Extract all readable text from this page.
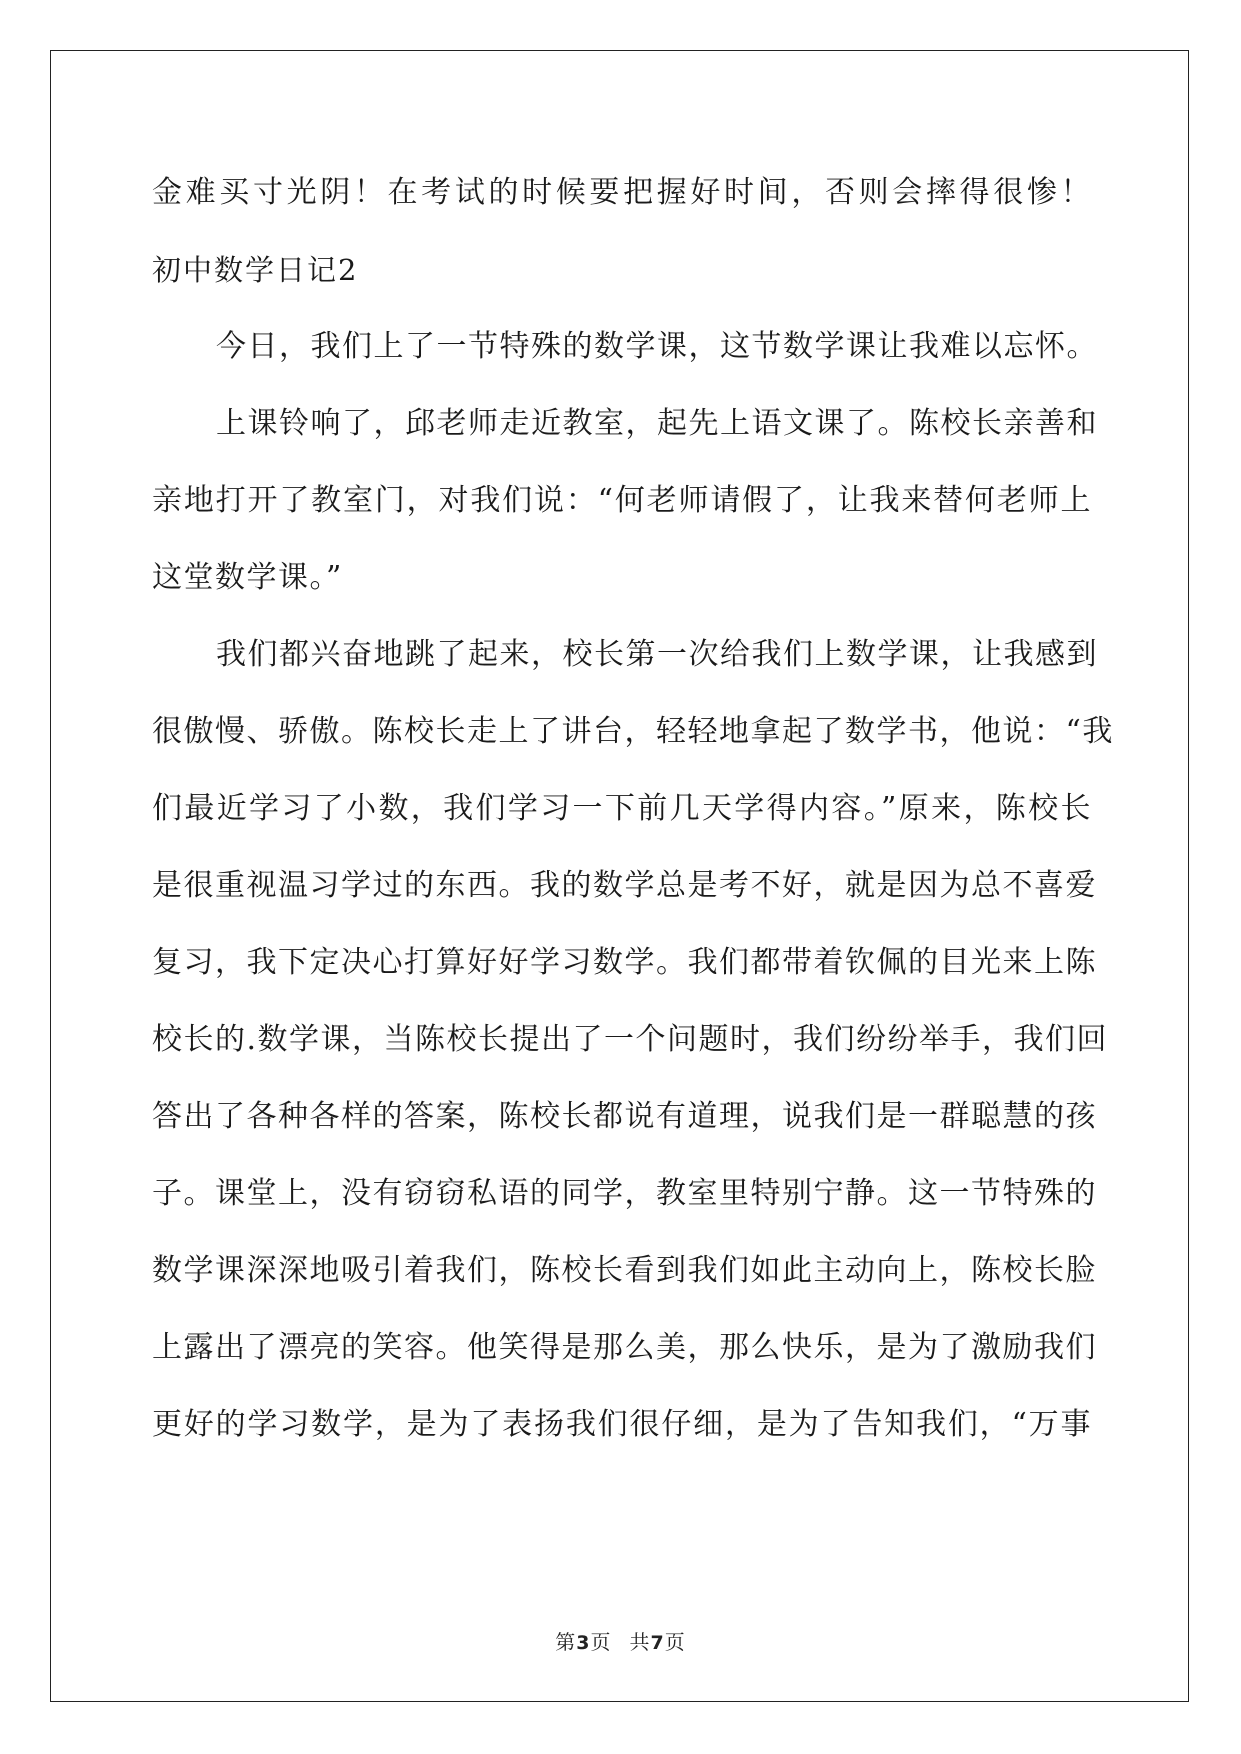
金难买寸光阴！在考试的时候要把握好时间，否则会摔得很惨！
初中数学日记2
今日，我们上了一节特殊的数学课，这节数学课让我难以忘怀。
上课铃响了，邱老师走近教室，起先上语文课了。陈校长亲善和
亲地打开了教室门，对我们说：“何老师请假了，让我来替何老师上
这堂数学课。”
我们都兴奋地跳了起来，校长第一次给我们上数学课，让我感到
很傲慢、骄傲。陈校长走上了讲台，轻轻地拿起了数学书，他说：“我
们最近学习了小数，我们学习一下前几天学得内容。”原来，陈校长
是很重视温习学过的东西。我的数学总是考不好，就是因为总不喜爱
复习，我下定决心打算好好学习数学。我们都带着钦佩的目光来上陈
校长的.数学课，当陈校长提出了一个问题时，我们纷纷举手，我们回
答出了各种各样的答案，陈校长都说有道理，说我们是一群聪慧的孩
子。课堂上，没有窃窃私语的同学，教室里特别宁静。这一节特殊的
数学课深深地吸引着我们，陈校长看到我们如此主动向上，陈校长脸
上露出了漂亮的笑容。他笑得是那么美，那么快乐，是为了激励我们
更好的学习数学，是为了表扬我们很仔细，是为了告知我们，“万事
第3页 共7页
